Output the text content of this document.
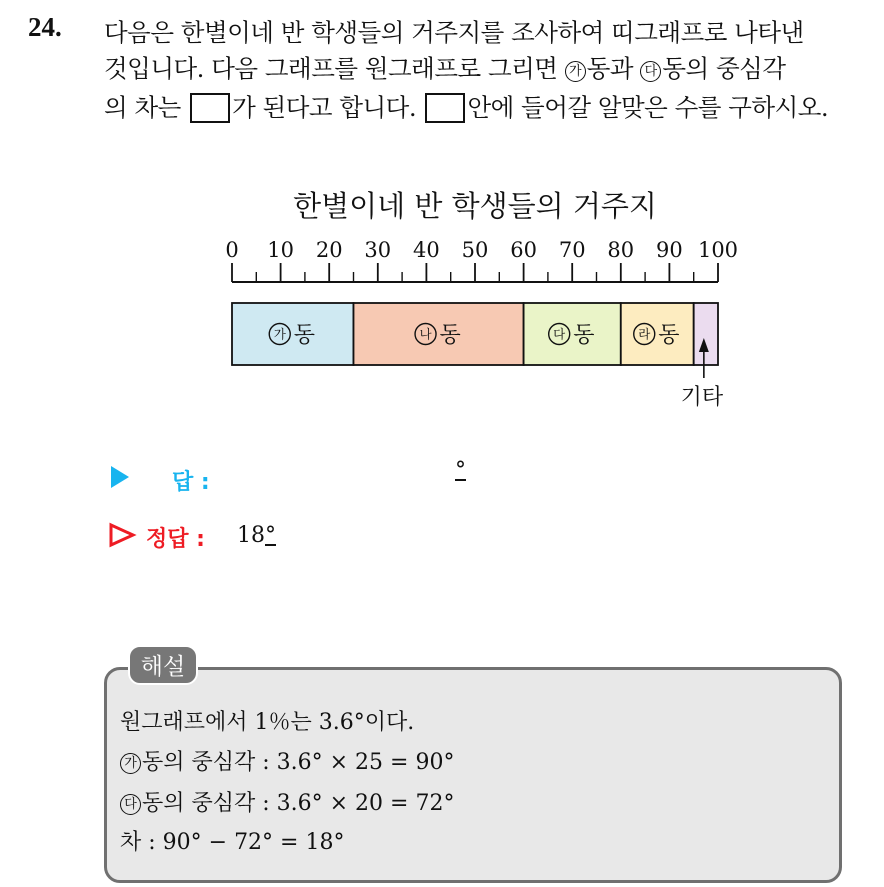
24. 다음은 한별이네 반 학생들의 거주지를 조사하여 띠그래프로 나타낸
것입니다. 다음 그래프를 원그래프로 그리면 가 동과 다 동의 중심각
의 차는 가 된다고 합니다. 안에 들어갈 알맞은 수를 구하시오.
한별이네 반 학생들의 거주지
0 10 20 30 40 50 60 70 80 90 100
가 동	나 동	다 동	라 동
기타
답 :	°
정답 : 18°
해설
원그래프에서 1％는 3.6°이다.
가 동의 중심각 : 3.6° × 25 = 90°
다 동의 중심각 : 3.6° × 20 = 72°
차 : 90° − 72° = 18°
